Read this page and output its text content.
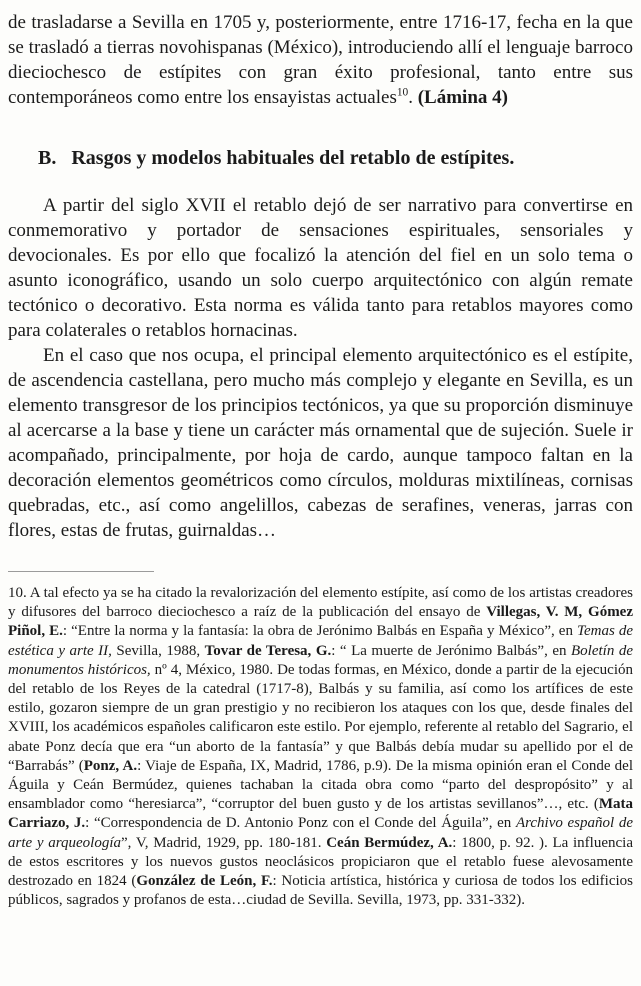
de trasladarse a Sevilla en 1705 y, posteriormente, entre 1716-17, fecha en la que se trasladó a tierras novohispanas (México), introduciendo allí el lenguaje barroco dieciochesco de estípites con gran éxito profesional, tanto entre sus contemporáneos como entre los ensayistas actuales$^{10}$. (Lámina 4)

B. Rasgos y modelos habituales del retablo de estípites.

A partir del siglo XVII el retablo dejó de ser narrativo para convertirse en conmemorativo y portador de sensaciones espirituales, sensoriales y devocionales. Es por ello que focalizó la atención del fiel en un solo tema o asunto iconográfico, usando un solo cuerpo arquitectónico con algún remate tectónico o decorativo. Esta norma es válida tanto para retablos mayores como para colaterales o retablos hornacinas.

En el caso que nos ocupa, el principal elemento arquitectónico es el estípite, de ascendencia castellana, pero mucho más complejo y elegante en Sevilla, es un elemento transgresor de los principios tectónicos, ya que su proporción disminuye al acercarse a la base y tiene un carácter más ornamental que de sujeción. Suele ir acompañado, principalmente, por hoja de cardo, aunque tampoco faltan en la decoración elementos geométricos como círculos, molduras mixtilíneas, cornisas quebradas, etc., así como angelillos, cabezas de serafines, veneras, jarras con flores, estas de frutas, guirnaldas…

10. A tal efecto ya se ha citado la revalorización del elemento estípite, así como de los artistas creadores y difusores del barroco dieciochesco a raíz de la publicación del ensayo de Villegas, V. M, Gómez Piñol, E.: “Entre la norma y la fantasía: la obra de Jerónimo Balbás en España y México”, en Temas de estética y arte II, Sevilla, 1988, Tovar de Teresa, G.: “ La muerte de Jerónimo Balbás”, en Boletín de monumentos históricos, nº 4, México, 1980. De todas formas, en México, donde a partir de la ejecución del retablo de los Reyes de la catedral (1717-8), Balbás y su familia, así como los artífices de este estilo, gozaron siempre de un gran prestigio y no recibieron los ataques con los que, desde finales del XVIII, los académicos españoles calificaron este estilo. Por ejemplo, referente al retablo del Sagrario, el abate Ponz decía que era “un aborto de la fantasía” y que Balbás debía mudar su apellido por el de “Barrabás” (Ponz, A.: Viaje de España, IX, Madrid, 1786, p.9). De la misma opinión eran el Conde del Águila y Ceán Bermúdez, quienes tachaban la citada obra como “parto del despropósito” y al ensamblador como “heresiarca”, “corruptor del buen gusto y de los artistas sevillanos”…, etc. (Mata Carriazo, J.: “Correspondencia de D. Antonio Ponz con el Conde del Águila”, en Archivo español de arte y arqueología”, V, Madrid, 1929, pp. 180-181. Ceán Bermúdez, A.: 1800, p. 92. ). La influencia de estos escritores y los nuevos gustos neoclásicos propiciaron que el retablo fuese alevosamente destrozado en 1824 (González de León, F.: Noticia artística, histórica y curiosa de todos los edificios públicos, sagrados y profanos de esta…ciudad de Sevilla. Sevilla, 1973, pp. 331-332).
